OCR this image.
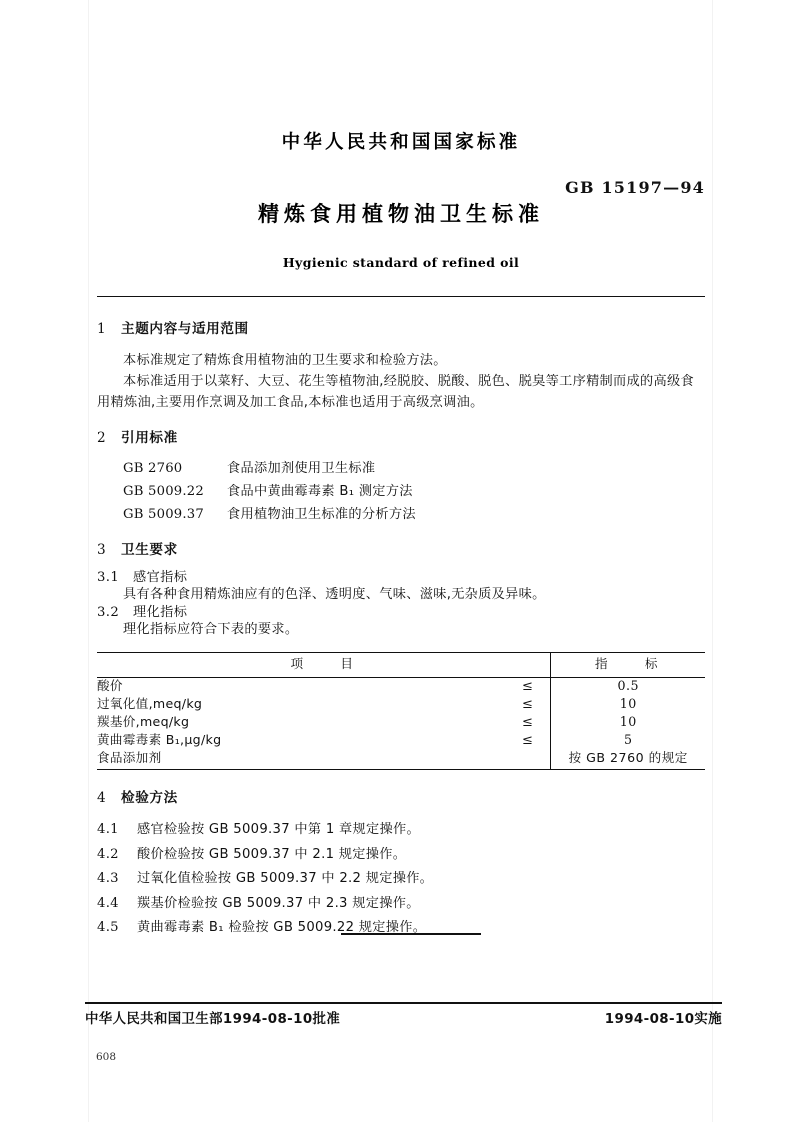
中华人民共和国国家标准
精炼食用植物油卫生标准
Hygienic standard of refined oil
GB 15197—94
1	主题内容与适用范围

本标准规定了精炼食用植物油的卫生要求和检验方法。

本标准适用于以菜籽、大豆、花生等植物油,经脱胶、脱酸、脱色、脱臭等工序精制而成的高级食用精炼油,主要用作烹调及加工食品,本标准也适用于高级烹调油。

2	引用标准
GB 2760	食品添加剂使用卫生标准
GB 5009.22	食品中黄曲霉毒素 B₁ 测定方法
GB 5009.37	食用植物油卫生标准的分析方法
3	卫生要求
3.1	感官指标

具有各种食用精炼油应有的色泽、透明度、气味、滋味,无杂质及异味。

3.2	理化指标

理化指标应符合下表的要求。

项　　目		指　　标
酸价	≤	0.5
过氧化值,meq/kg	≤	10
羰基价,meq/kg	≤	10
黄曲霉毒素 B₁,μg/kg	≤	5
食品添加剂		按 GB 2760 的规定
4	检验方法
4.1	感官检验按 GB 5009.37 中第 1 章规定操作。
4.2	酸价检验按 GB 5009.37 中 2.1 规定操作。
4.3	过氧化值检验按 GB 5009.37 中 2.2 规定操作。
4.4	羰基价检验按 GB 5009.37 中 2.3 规定操作。
4.5	黄曲霉毒素 B₁ 检验按 GB 5009.22 规定操作。
中华人民共和国卫生部1994-08-10批准	1994-08-10实施
608
